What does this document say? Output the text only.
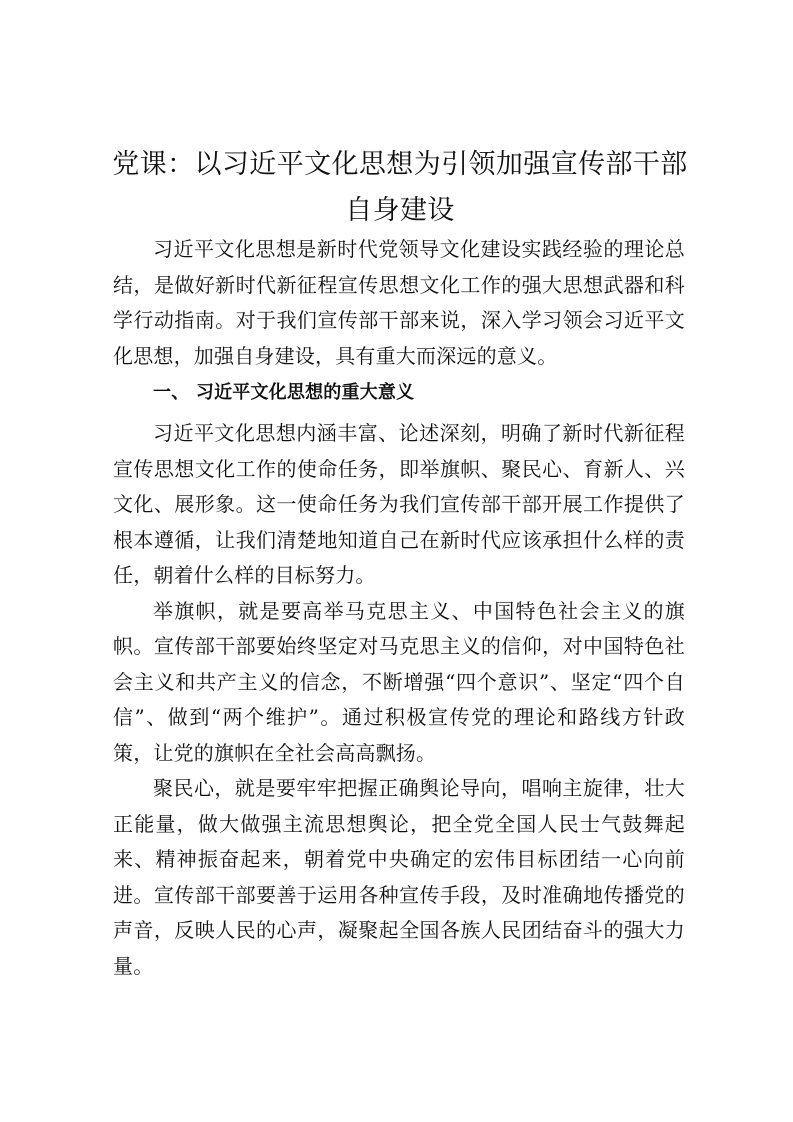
党课：以习近平文化思想为引领加强宣传部干部自身建设

习近平文化思想是新时代党领导文化建设实践经验的理论总结，是做好新时代新征程宣传思想文化工作的强大思想武器和科学行动指南。对于我们宣传部干部来说，深入学习领会习近平文化思想，加强自身建设，具有重大而深远的意义。

一、 习近平文化思想的重大意义

习近平文化思想内涵丰富、论述深刻，明确了新时代新征程宣传思想文化工作的使命任务，即举旗帜、聚民心、育新人、兴文化、展形象。这一使命任务为我们宣传部干部开展工作提供了根本遵循，让我们清楚地知道自己在新时代应该承担什么样的责任，朝着什么样的目标努力。

举旗帜，就是要高举马克思主义、中国特色社会主义的旗帜。宣传部干部要始终坚定对马克思主义的信仰，对中国特色社会主义和共产主义的信念，不断增强“四个意识”、坚定“四个自信”、做到“两个维护”。通过积极宣传党的理论和路线方针政策，让党的旗帜在全社会高高飘扬。

聚民心，就是要牢牢把握正确舆论导向，唱响主旋律，壮大正能量，做大做强主流思想舆论，把全党全国人民士气鼓舞起来、精神振奋起来，朝着党中央确定的宏伟目标团结一心向前进。宣传部干部要善于运用各种宣传手段，及时准确地传播党的声音，反映人民的心声，凝聚起全国各族人民团结奋斗的强大力量。
